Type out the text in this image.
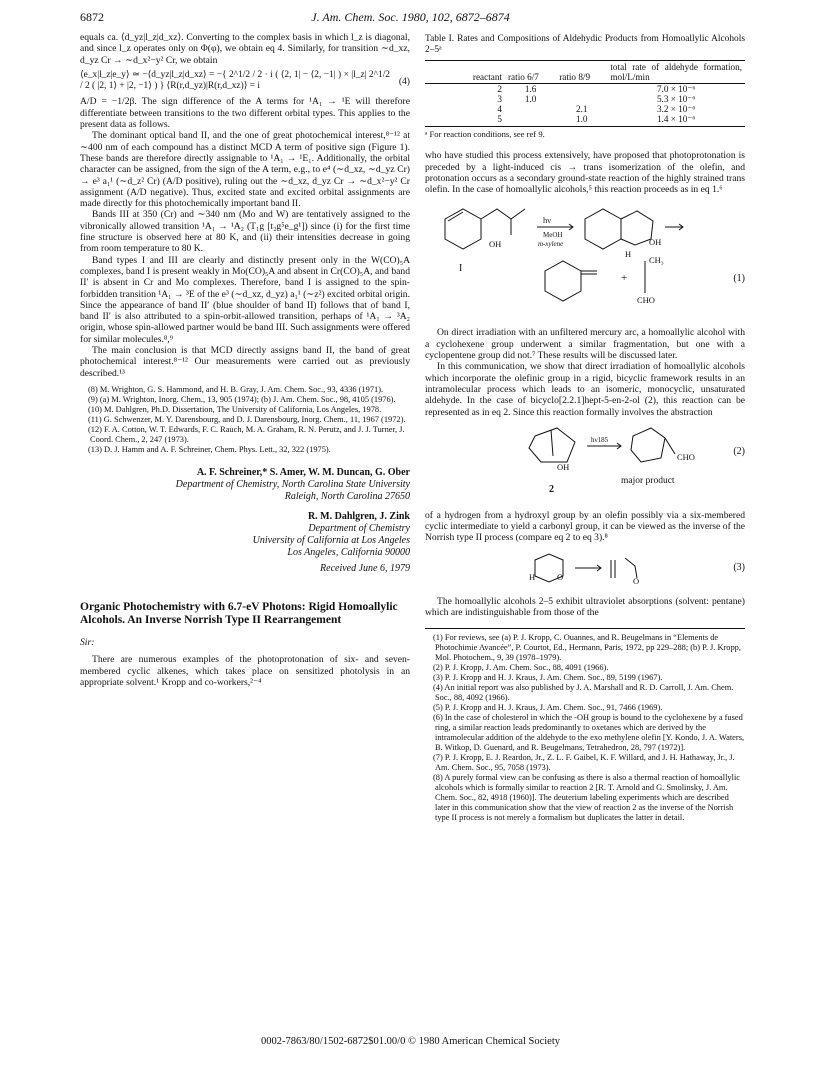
6872	J. Am. Chem. Soc. 1980, 102, 6872–6874

equals ca. ⟨d_yz|l_z|d_xz⟩. Converting to the complex basis in which l_z is diagonal, and since l_z operates only on Φ(φ), we obtain eq 4. Similarly, for transition ∼d_xz, d_yz Cr → ∼d_x²−y² Cr, we obtain

⟨e_x|l_z|e_y⟩ ≃ −⟨d_yz|l_z|d_xz⟩ = −{ 2^1/2 / 2 · i ( ⟨2, 1| − ⟨2, −1| ) × |l_z| 2^1/2 / 2 ( |2, 1⟩ + |2, −1⟩ ) } ⟨R(r,d_yz)|R(r,d_xz)⟩ = i	(4)

A/D = −1/2β. The sign difference of the A terms for ¹A₁ → ¹E will therefore differentiate between transitions to the two different orbital types. This applies to the present data as follows.

The dominant optical band II, and the one of great photochemical interest,⁸⁻¹² at ∼400 nm of each compound has a distinct MCD A term of positive sign (Figure 1). These bands are therefore directly assignable to ¹A₁ → ¹E₁. Additionally, the orbital character can be assigned, from the sign of the A term, e.g., to e⁴ (∼d_xz, ∼d_yz Cr) → e³ a₁¹ (∼d_z² Cr) (A/D positive), ruling out the ∼d_xz, d_yz Cr → ∼d_x²−y² Cr assignment (A/D negative). Thus, excited state and excited orbital assignments are made directly for this photochemically important band II.

Bands III at 350 (Cr) and ∼340 nm (Mo and W) are tentatively assigned to the vibronically allowed transition ¹A₁ → ¹A₂ (T₁g [t₂g⁵e_g¹]) since (i) for the first time fine structure is observed here at 80 K, and (ii) their intensities decrease in going from room temperature to 80 K.

Band types I and III are clearly and distinctly present only in the W(CO)₅A complexes, band I is present weakly in Mo(CO)₅A and absent in Cr(CO)₅A, and band II′ is absent in Cr and Mo complexes. Therefore, band I is assigned to the spin-forbidden transition ¹A₁ → ³E of the e³ (∼d_xz, d_yz) a₁¹ (∼z²) excited orbital origin. Since the appearance of band II′ (blue shoulder of band II) follows that of band I, band II′ is also attributed to a spin-orbit-allowed transition, perhaps of ¹A₁ → ³A₂ origin, whose spin-allowed partner would be band III. Such assignments were offered for similar molecules.⁸,⁹

The main conclusion is that MCD directly assigns band II, the band of great photochemical interest.⁸⁻¹² Our measurements were carried out as previously described.¹³

(8) M. Wrighton, G. S. Hammond, and H. B. Gray, J. Am. Chem. Soc., 93, 4336 (1971).
(9) (a) M. Wrighton, Inorg. Chem., 13, 905 (1974); (b) J. Am. Chem. Soc., 98, 4105 (1976).
(10) M. Dahlgren, Ph.D. Dissertation, The University of California, Los Angeles, 1978.
(11) G. Schwenzer, M. Y. Darensbourg, and D. J. Darensbourg, Inorg. Chem., 11, 1967 (1972).
(12) F. A. Cotton, W. T. Edwards, F. C. Rauch, M. A. Graham, R. N. Perutz, and J. J. Turner, J. Coord. Chem., 2, 247 (1973).
(13) D. J. Hamm and A. F. Schreiner, Chem. Phys. Lett., 32, 322 (1975).
A. F. Schreiner,* S. Amer, W. M. Duncan, G. Ober
Department of Chemistry, North Carolina State University
Raleigh, North Carolina 27650
R. M. Dahlgren, J. Zink
Department of Chemistry
University of California at Los Angeles
Los Angeles, California 90000
Received June 6, 1979
Organic Photochemistry with 6.7-eV Photons: Rigid Homoallylic Alcohols. An Inverse Norrish Type II Rearrangement
Sir:

There are numerous examples of the photoprotonation of six- and seven-membered cyclic alkenes, which takes place on sensitized photolysis in an appropriate solvent.¹ Kropp and co-workers,²⁻⁴

Table I. Rates and Compositions of Aldehydic Products from Homoallylic Alcohols 2–5ᵃ
reactant	ratio 6/7	ratio 8/9	total rate of aldehyde formation, mol/L/min
2	1.6		7.0 × 10⁻⁶
3	1.0		5.3 × 10⁻⁶
4		2.1	3.2 × 10⁻⁶
5		1.0	1.4 × 10⁻⁶
ᵃ For reaction conditions, see ref 9.

who have studied this process extensively, have proposed that photoprotonation is preceded by a light-induced cis → trans isomerization of the olefin, and protonation occurs as a secondary ground-state reaction of the highly strained trans olefin. In the case of homoallylic alcohols,⁵ this reaction proceeds as in eq 1.⁶

OH
hν
MeOH
m-xylene	OH
H
I
+
CH₃
CHO
(1)

On direct irradiation with an unfiltered mercury arc, a homoallylic alcohol with a cyclohexene group underwent a similar fragmentation, but one with a cyclopentene group did not.⁷ These results will be discussed later.

In this communication, we show that direct irradiation of homoallylic alcohols which incorporate the olefinic group in a rigid, bicyclic framework results in an intramolecular process which leads to an isomeric, monocyclic, unsaturated aldehyde. In the case of bicyclo[2.2.1]hept-5-en-2-ol (2), this reaction can be represented as in eq 2. Since this reaction formally involves the abstraction

OH
hν185
CHO
major product
2
(2)

of a hydrogen from a hydroxyl group by an olefin possibly via a six-membered cyclic intermediate to yield a carbonyl group, it can be viewed as the inverse of the Norrish type II process (compare eq 2 to eq 3).⁸

H	O	O
(3)

The homoallylic alcohols 2–5 exhibit ultraviolet absorptions (solvent: pentane) which are indistinguishable from those of the

(1) For reviews, see (a) P. J. Kropp, C. Ouannes, and R. Beugelmans in “Elements de Photochimie Avancée”, P. Courtot, Ed., Hermann, Paris, 1972, pp 229–288; (b) P. J. Kropp, Mol. Photochem., 9, 39 (1978–1979).
(2) P. J. Kropp, J. Am. Chem. Soc., 88, 4091 (1966).
(3) P. J. Kropp and H. J. Kraus, J. Am. Chem. Soc., 89, 5199 (1967).
(4) An initial report was also published by J. A. Marshall and R. D. Carroll, J. Am. Chem. Soc., 88, 4092 (1966).
(5) P. J. Kropp and H. J. Kraus, J. Am. Chem. Soc., 91, 7466 (1969).
(6) In the case of cholesterol in which the -OH group is bound to the cyclohexene by a fused ring, a similar reaction leads predominantly to oxetanes which are derived by the intramolecular addition of the aldehyde to the exo methylene olefin [Y. Kondo, J. A. Waters, B. Witkop, D. Guenard, and R. Beugelmans, Tetrahedron, 28, 797 (1972)].
(7) P. J. Kropp, E. J. Reardon, Jr., Z. L. F. Gaibel, K. F. Willard, and J. H. Hathaway, Jr., J. Am. Chem. Soc., 95, 7058 (1973).
(8) A purely formal view can be confusing as there is also a thermal reaction of homoallylic alcohols which is formally similar to reaction 2 [R. T. Arnold and G. Smolinsky, J. Am. Chem. Soc., 82, 4918 (1960)]. The deuterium labeling experiments which are described later in this communication show that the view of reaction 2 as the inverse of the Norrish type II process is not merely a formalism but duplicates the latter in detail.
0002-7863/80/1502-6872$01.00/0 © 1980 American Chemical Society
